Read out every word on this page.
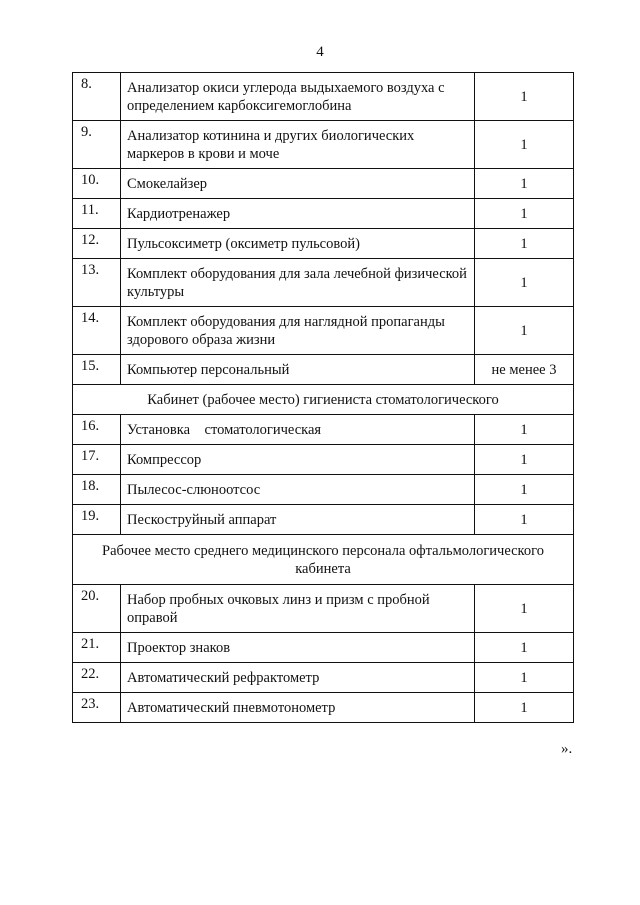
4
8.	Анализатор окиси углерода выдыхаемого воздуха с определением карбоксигемоглобина	1
9.	Анализатор котинина и других биологических маркеров в крови и моче	1
10.	Смокелайзер	1
11.	Кардиотренажер	1
12.	Пульсоксиметр (оксиметр пульсовой)	1
13.	Комплект оборудования для зала лечебной физической культуры	1
14.	Комплект оборудования для наглядной пропаганды здорового образа жизни	1
15.	Компьютер персональный	не менее 3
Кабинет (рабочее место) гигиениста стоматологического		
16.	Установка    стоматологическая	1
17.	Компрессор	1
18.	Пылесос-слюноотсос	1
19.	Пескоструйный аппарат	1
Рабочее место среднего медицинского персонала офтальмологического кабинета		
20.	Набор пробных очковых линз и призм с пробной оправой	1
21.	Проектор знаков	1
22.	Автоматический рефрактометр	1
23.	Автоматический пневмотонометр	1
».
